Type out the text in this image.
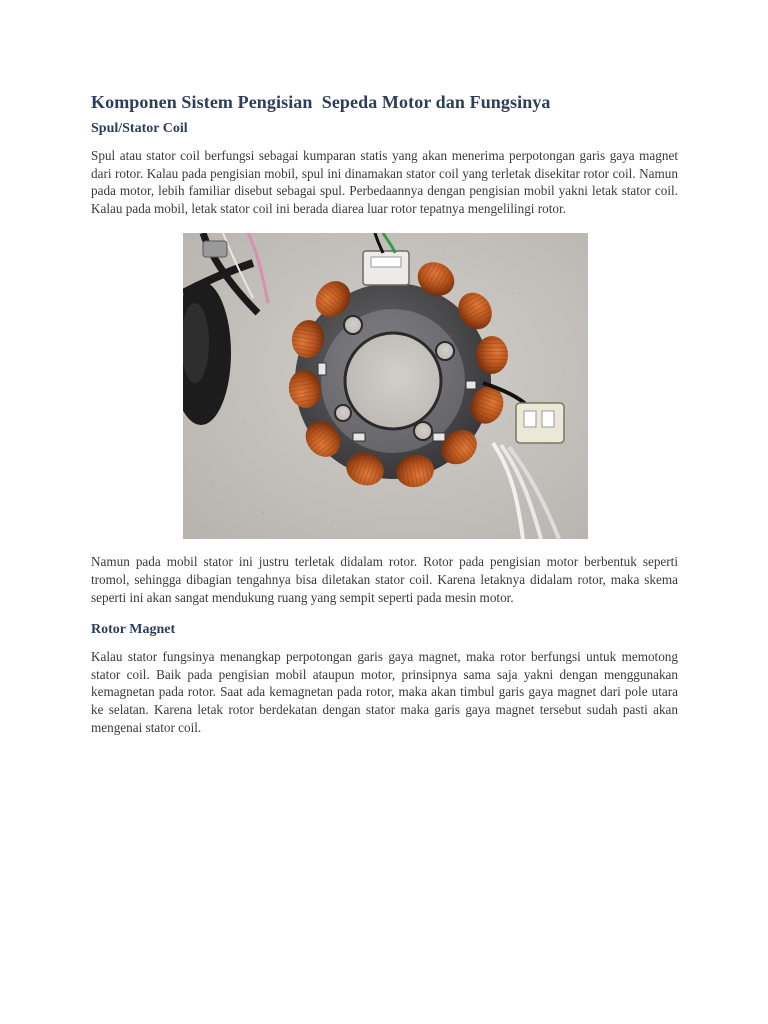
Komponen Sistem Pengisian  Sepeda Motor dan Fungsinya
Spul/Stator Coil

Spul atau stator coil berfungsi sebagai kumparan statis yang akan menerima perpotongan garis gaya magnet dari rotor. Kalau pada pengisian mobil, spul ini dinamakan stator coil yang terletak disekitar rotor coil. Namun pada motor, lebih familiar disebut sebagai spul. Perbedaannya dengan pengisian mobil yakni letak stator coil. Kalau pada mobil, letak stator coil ini berada diarea luar rotor tepatnya mengelilingi rotor.

Namun pada mobil stator ini justru terletak didalam rotor. Rotor pada pengisian motor berbentuk seperti tromol, sehingga dibagian tengahnya bisa diletakan stator coil. Karena letaknya didalam rotor, maka skema seperti ini akan sangat mendukung ruang yang sempit seperti pada mesin motor.

Rotor Magnet

Kalau stator fungsinya menangkap perpotongan garis gaya magnet, maka rotor berfungsi untuk memotong stator coil. Baik pada pengisian mobil ataupun motor, prinsipnya sama saja yakni dengan menggunakan kemagnetan pada rotor. Saat ada kemagnetan pada rotor, maka akan timbul garis gaya magnet dari pole utara ke selatan. Karena letak rotor berdekatan dengan stator maka garis gaya magnet tersebut sudah pasti akan mengenai stator coil.
